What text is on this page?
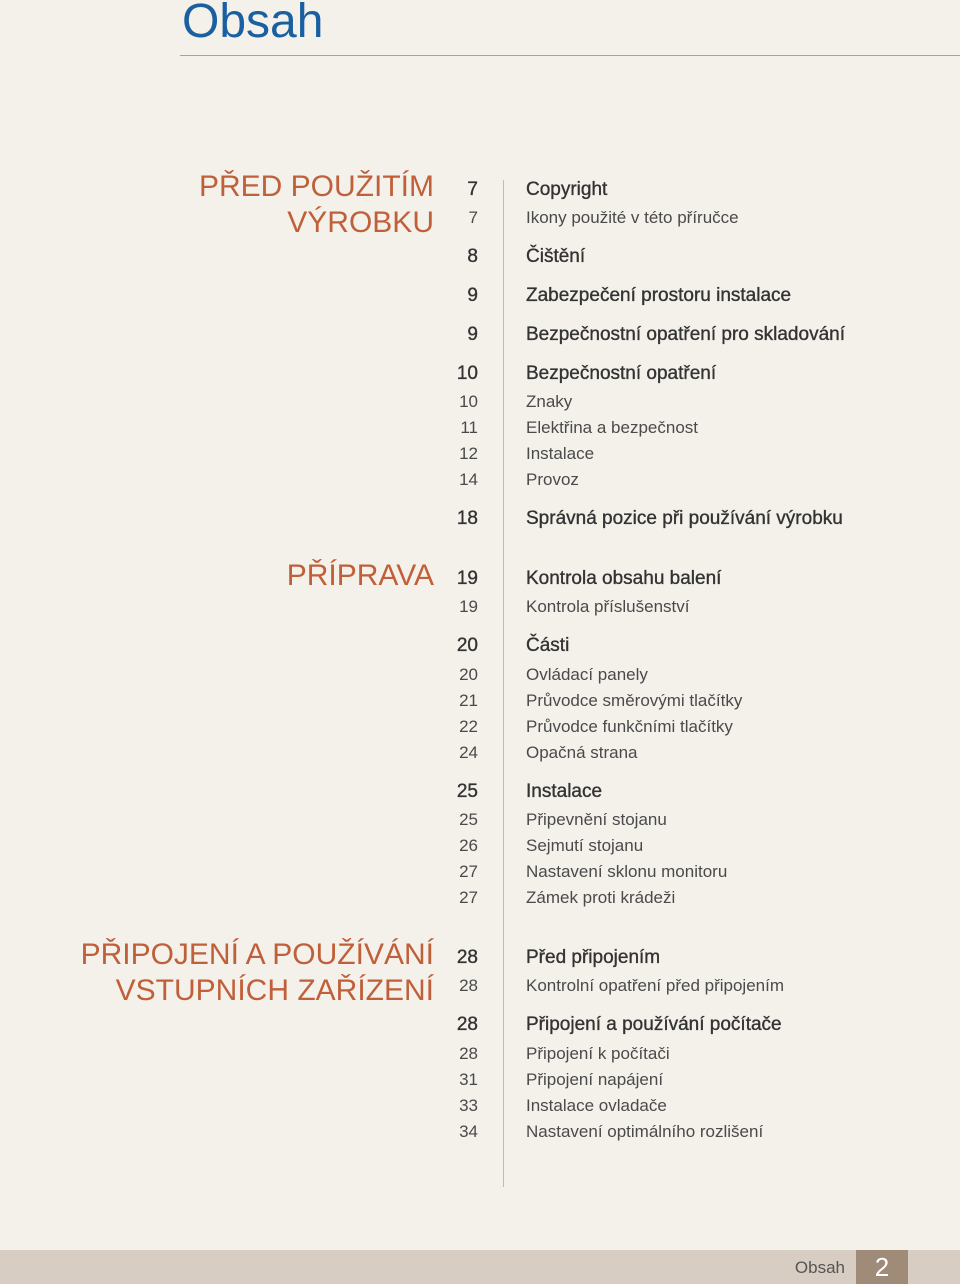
Obsah
PŘED POUŽITÍM
VÝROBKU
PŘÍPRAVA
PŘIPOJENÍ A POUŽÍVÁNÍ
VSTUPNÍCH ZAŘÍZENÍ
7	Copyright
7	Ikony použité v této příručce
8	Čištění
9	Zabezpečení prostoru instalace
9	Bezpečnostní opatření pro skladování
10	Bezpečnostní opatření
10	Znaky
11	Elektřina a bezpečnost
12	Instalace
14	Provoz
18	Správná pozice při používání výrobku
19	Kontrola obsahu balení
19	Kontrola příslušenství
20	Části
20	Ovládací panely
21	Průvodce směrovými tlačítky
22	Průvodce funkčními tlačítky
24	Opačná strana
25	Instalace
25	Připevnění stojanu
26	Sejmutí stojanu
27	Nastavení sklonu monitoru
27	Zámek proti krádeži
28	Před připojením
28	Kontrolní opatření před připojením
28	Připojení a používání počítače
28	Připojení k počítači
31	Připojení napájení
33	Instalace ovladače
34	Nastavení optimálního rozlišení
Obsah	2
